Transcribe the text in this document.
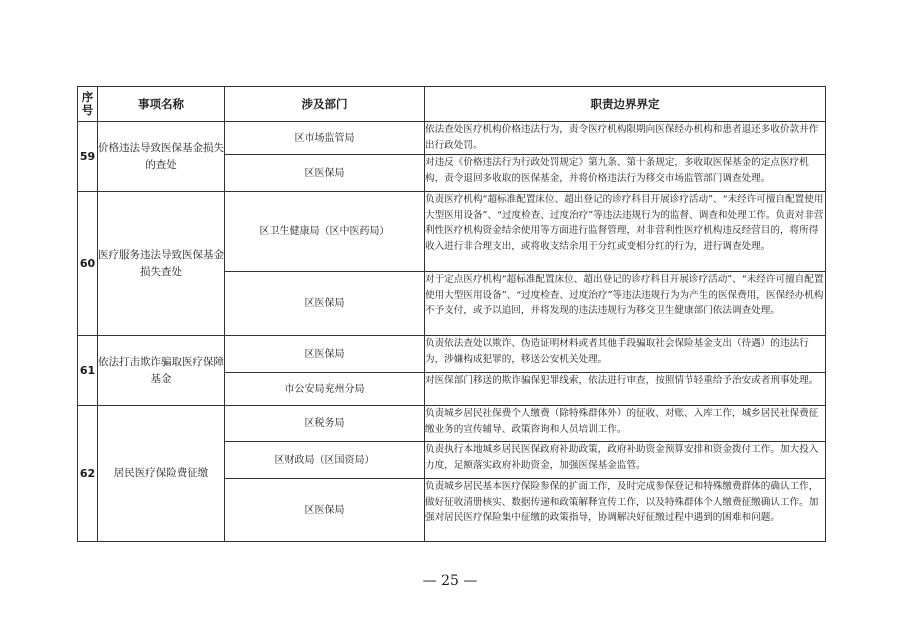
序号	事项名称	涉及部门	职责边界界定
59	价格违法导致医保基金损失的查处	区市场监管局	依法查处医疗机构价格违法行为，责令医疗机构限期向医保经办机构和患者退还多收价款并作出行政处罚。
		区医保局	对违反《价格违法行为行政处罚规定》第九条、第十条规定，多收取医保基金的定点医疗机构，责令退回多收取的医保基金，并将价格违法行为移交市场监管部门调查处理。
60	医疗服务违法导致医保基金损失查处	区卫生健康局（区中医药局）	负责医疗机构“超标准配置床位、超出登记的诊疗科目开展诊疗活动”、“未经许可擅自配置使用大型医用设备”、“过度检查、过度治疗”等违法违规行为的监督、调查和处理工作。负责对非营利性医疗机构资金结余使用等方面进行监督管理，对非营利性医疗机构违反经营目的，将所得收入进行非合理支出，或将收支结余用于分红或变相分红的行为，进行调查处理。
		区医保局	对于定点医疗机构“超标准配置床位、超出登记的诊疗科目开展诊疗活动”、“未经许可擅自配置使用大型医用设备”、“过度检查、过度治疗”等违法违规行为为产生的医保费用，医保经办机构不予支付，或予以追回，并将发现的违法违规行为移交卫生健康部门依法调查处理。
61	依法打击欺诈骗取医疗保障基金	区医保局	负责依法查处以欺诈、伪造证明材料或者其他手段骗取社会保险基金支出（待遇）的违法行为，涉嫌构成犯罪的，移送公安机关处理。
		市公安局兖州分局	对医保部门移送的欺诈骗保犯罪线索，依法进行审查，按照情节轻重给予治安或者刑事处理。
62	居民医疗保险费征缴	区税务局	负责城乡居民社保费个人缴费（除特殊群体外）的征收、对账、入库工作，城乡居民社保费征缴业务的宣传辅导、政策咨询和人员培训工作。
		区财政局（区国资局）	负责执行本地城乡居民医保政府补助政策，政府补助资金预算安排和资金拨付工作。加大投入力度，足额落实政府补助资金，加强医保基金监管。
		区医保局	负责城乡居民基本医疗保险参保的扩面工作，及时完成参保登记和特殊缴费群体的确认工作，做好征收清册核实、数据传递和政策解释宣传工作，以及特殊群体个人缴费征缴确认工作。加强对居民医疗保险集中征缴的政策指导，协调解决好征缴过程中遇到的困难和问题。
— 25 —
